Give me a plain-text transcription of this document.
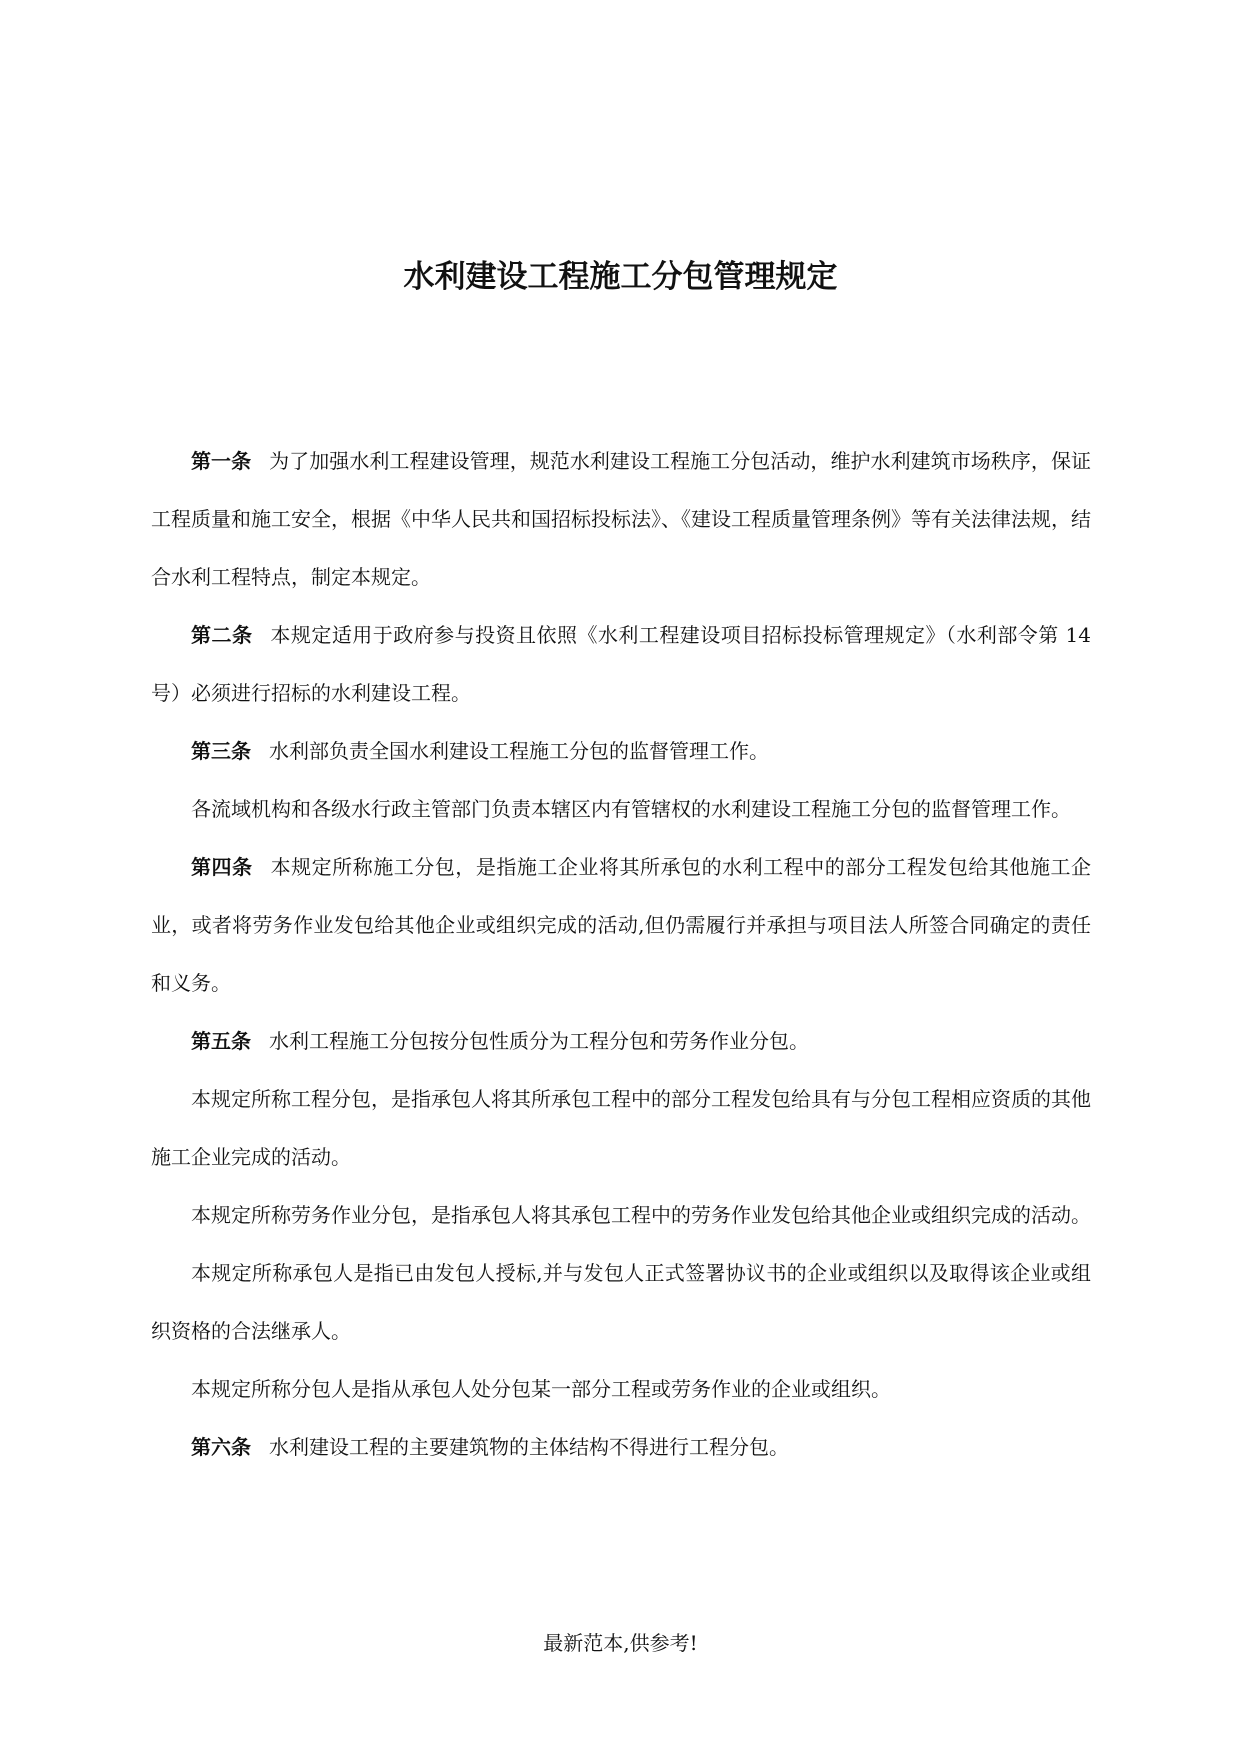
水利建设工程施工分包管理规定

第一条 为了加强水利工程建设管理，规范水利建设工程施工分包活动，维护水利建筑市场秩序，保证工程质量和施工安全，根据《中华人民共和国招标投标法》、《建设工程质量管理条例》等有关法律法规，结合水利工程特点，制定本规定。

第二条 本规定适用于政府参与投资且依照《水利工程建设项目招标投标管理规定》（水利部令第 14 号）必须进行招标的水利建设工程。

第三条 水利部负责全国水利建设工程施工分包的监督管理工作。

各流域机构和各级水行政主管部门负责本辖区内有管辖权的水利建设工程施工分包的监督管理工作。

第四条 本规定所称施工分包，是指施工企业将其所承包的水利工程中的部分工程发包给其他施工企业，或者将劳务作业发包给其他企业或组织完成的活动,但仍需履行并承担与项目法人所签合同确定的责任和义务。

第五条 水利工程施工分包按分包性质分为工程分包和劳务作业分包。

本规定所称工程分包，是指承包人将其所承包工程中的部分工程发包给具有与分包工程相应资质的其他施工企业完成的活动。

本规定所称劳务作业分包，是指承包人将其承包工程中的劳务作业发包给其他企业或组织完成的活动。

本规定所称承包人是指已由发包人授标,并与发包人正式签署协议书的企业或组织以及取得该企业或组织资格的合法继承人。

本规定所称分包人是指从承包人处分包某一部分工程或劳务作业的企业或组织。

第六条 水利建设工程的主要建筑物的主体结构不得进行工程分包。

最新范本,供参考!
